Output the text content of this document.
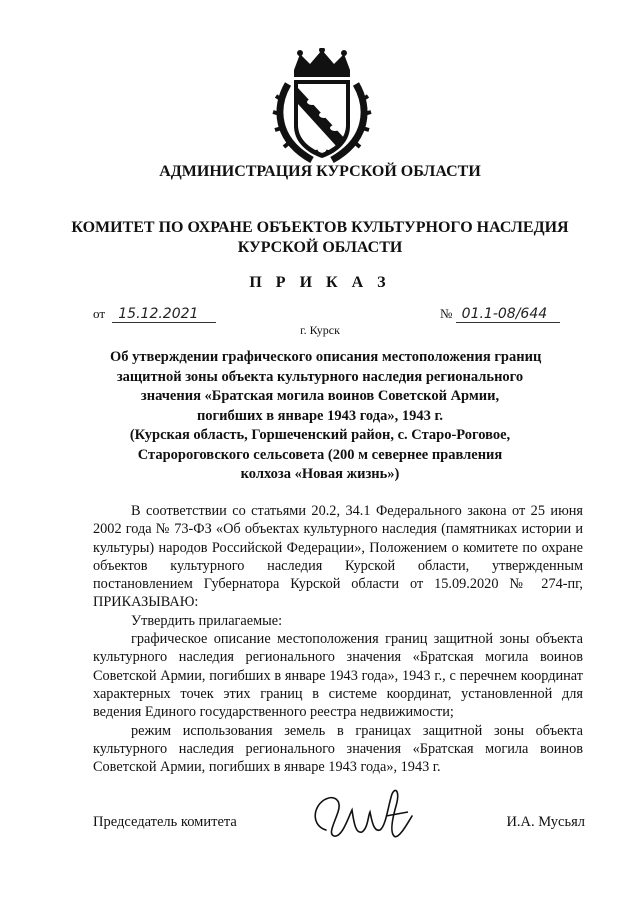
АДМИНИСТРАЦИЯ КУРСКОЙ ОБЛАСТИ
КОМИТЕТ ПО ОХРАНЕ ОБЪЕКТОВ КУЛЬТУРНОГО НАСЛЕДИЯ
КУРСКОЙ ОБЛАСТИ
П Р И К А З
от 15.12.2021	№ 01.1-08/644
г. Курск
Об утверждении графического описания местоположения границ
защитной зоны объекта культурного наследия регионального
значения «Братская могила воинов Советской Армии,
погибших в январе 1943 года», 1943 г.
(Курская область, Горшеченский район, с. Старо-Роговое,
Старороговского сельсовета (200 м севернее правления
колхоза «Новая жизнь»)

В соответствии со статьями 20.2, 34.1 Федерального закона от 25 июня 2002 года № 73-ФЗ «Об объектах культурного наследия (памятниках истории и культуры) народов Российской Федерации», Положением о комитете по охране объектов культурного наследия Курской области, утвержденным постановлением Губернатора Курской области от 15.09.2020 № 274-пг, ПРИКАЗЫВАЮ:

Утвердить прилагаемые:

графическое описание местоположения границ защитной зоны объекта культурного наследия регионального значения «Братская могила воинов Советской Армии, погибших в январе 1943 года», 1943 г., с перечнем координат характерных точек этих границ в системе координат, установленной для ведения Единого государственного реестра недвижимости;

режим использования земель в границах защитной зоны объекта культурного наследия регионального значения «Братская могила воинов Советской Армии, погибших в январе 1943 года», 1943 г.

Председатель комитета	И.А. Мусьял
